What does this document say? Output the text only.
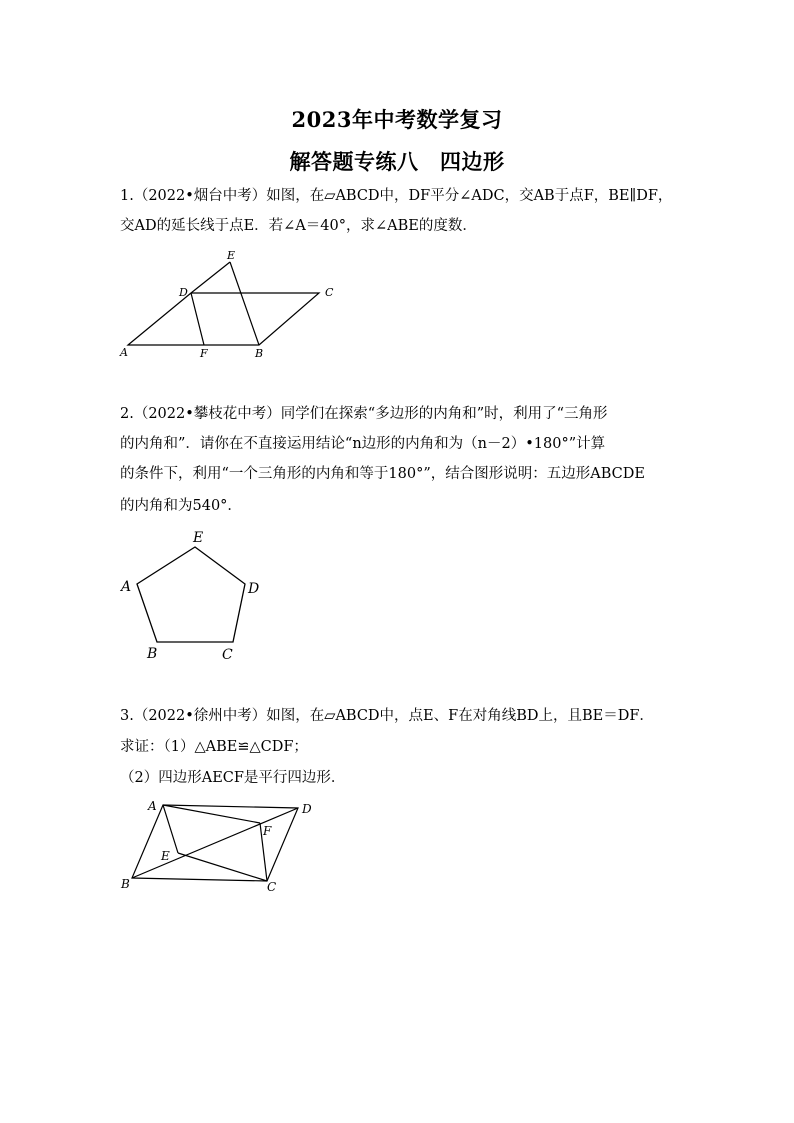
2023年中考数学复习
解答题专练八　四边形
1.（2022•烟台中考）如图，在▱ABCD中，DF平分∠ADC，交AB于点F，BE∥DF，
交AD的延长线于点E．若∠A＝40°，求∠ABE的度数．
A	F	B
C
D
E
2.（2022•攀枝花中考）同学们在探索“多边形的内角和”时，利用了“三角形
的内角和”．请你在不直接运用结论“n边形的内角和为（n－2）•180°”计算
的条件下，利用“一个三角形的内角和等于180°”，结合图形说明：五边形ABCDE
的内角和为540°．
E
D
C
B
A
3.（2022•徐州中考）如图，在▱ABCD中，点E、F在对角线BD上，且BE＝DF．
求证：（1）△ABE≌△CDF；
（2）四边形AECF是平行四边形．
A	D
F
E
B	C
